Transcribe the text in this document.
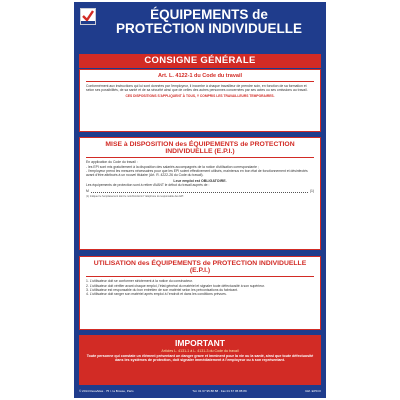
ÉQUIPEMENTS de
PROTECTION INDIVIDUELLE
CONSIGNE GÉNÉRALE
Art. L. 4122-1 du Code du travail
Conformément aux instructions qui lui sont données par l'employeur, il incombe à chaque travailleur de prendre soin, en fonction de sa formation et selon ses possibilités, de sa santé et de sa sécurité ainsi que de celles des autres personnes concernées par ses actes ou ses omissions au travail.
CES DISPOSITIONS S'APPLIQUENT À TOUS, Y COMPRIS LES TRAVAILLEURS TEMPORAIRES.
MISE à DISPOSITION des ÉQUIPEMENTS de PROTECTION INDIVIDUELLE (E.P.I.)
En application du Code du travail :
- les EPI sont mis gratuitement à la disposition des salariés accompagnés de la notice d'utilisation correspondante ;
- l'employeur prend les mesures nécessaires pour que les EPI soient effectivement utilisés, maintenus en bon état de fonctionnement et désinfectés avant d'être attribués à un nouvel titulaire (Art. R. 4222-26 du Code du travail).
Leur emploi est OBLIGATOIRE.
Les équipements de protection sont à retirer AVANT le début du travail auprès de :
M	(1)
(1) Indiquer le l'emplacement dont le nom/fonction/n° téléphone du responsable des EPI
UTILISATION des ÉQUIPEMENTS de PROTECTION INDIVIDUELLE (E.P.I.)
1. L'utilisateur doit se conformer strictement à la notice du constructeur.
2. L'utilisateur doit vérifier avant chaque emploi, l'état général du matériel et signaler toute défectuosité à son supérieur.
3. L'utilisateur est responsable du bon entretien de son matériel selon les préconisations du fabricant.
4. L'utilisateur doit ranger son matériel après emploi à l'endroit et dans les conditions prévues.
IMPORTANT
Articles L. 4131-1 à L. 4131-3 du Code du travail
Toute personne qui constate un élément présentant un danger grave et imminent pour la vie ou la santé, ainsi que toute défectuosité dans les systèmes de protection, doit signaler immédiatement à l'employeur ou à son représentant.
© 2014 ResoAtlas · 75 r. la Brosse, Paris	Tél. 01 67 95 88 88 · Fax 01 67 95 88 89	Réf. EPICO
